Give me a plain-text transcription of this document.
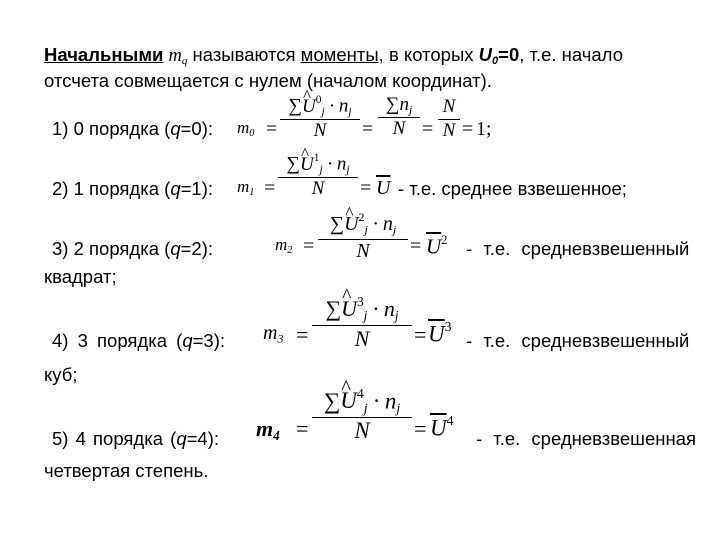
Начальными $m_q$ называются моменты, в которых $U_0=0$, т.е. начало
отсчета совмещается с нулем (началом координат).
1) 0 порядка (q=0): m0 =
∑^ $U^0j$ · nj
N	=
∑nj
N =
N
N = 1;
2) 1 порядка (q=1): m1 =
∑^ $U^1j$ · nj
N	= $\overline{U} - т.е$. среднее взвешенное;
3) 2 порядка (q=2):	m2 =
∑^ $U^2j$ · nj
N	= $\overline{U}^2 - т.е$. средневзвешенный
квадрат;
4) 3 порядка (q=3): m3 =
∑^ $U^3j$ · nj
N	= $\overline{U}^3$
- т.е. средневзвешенный
куб;
5) 4 порядка (q=4): m4 =
∑^ $U^4j$ · nj
N	= $\overline{U}^4$
- т.е. средневзвешенная
четвертая степень.
